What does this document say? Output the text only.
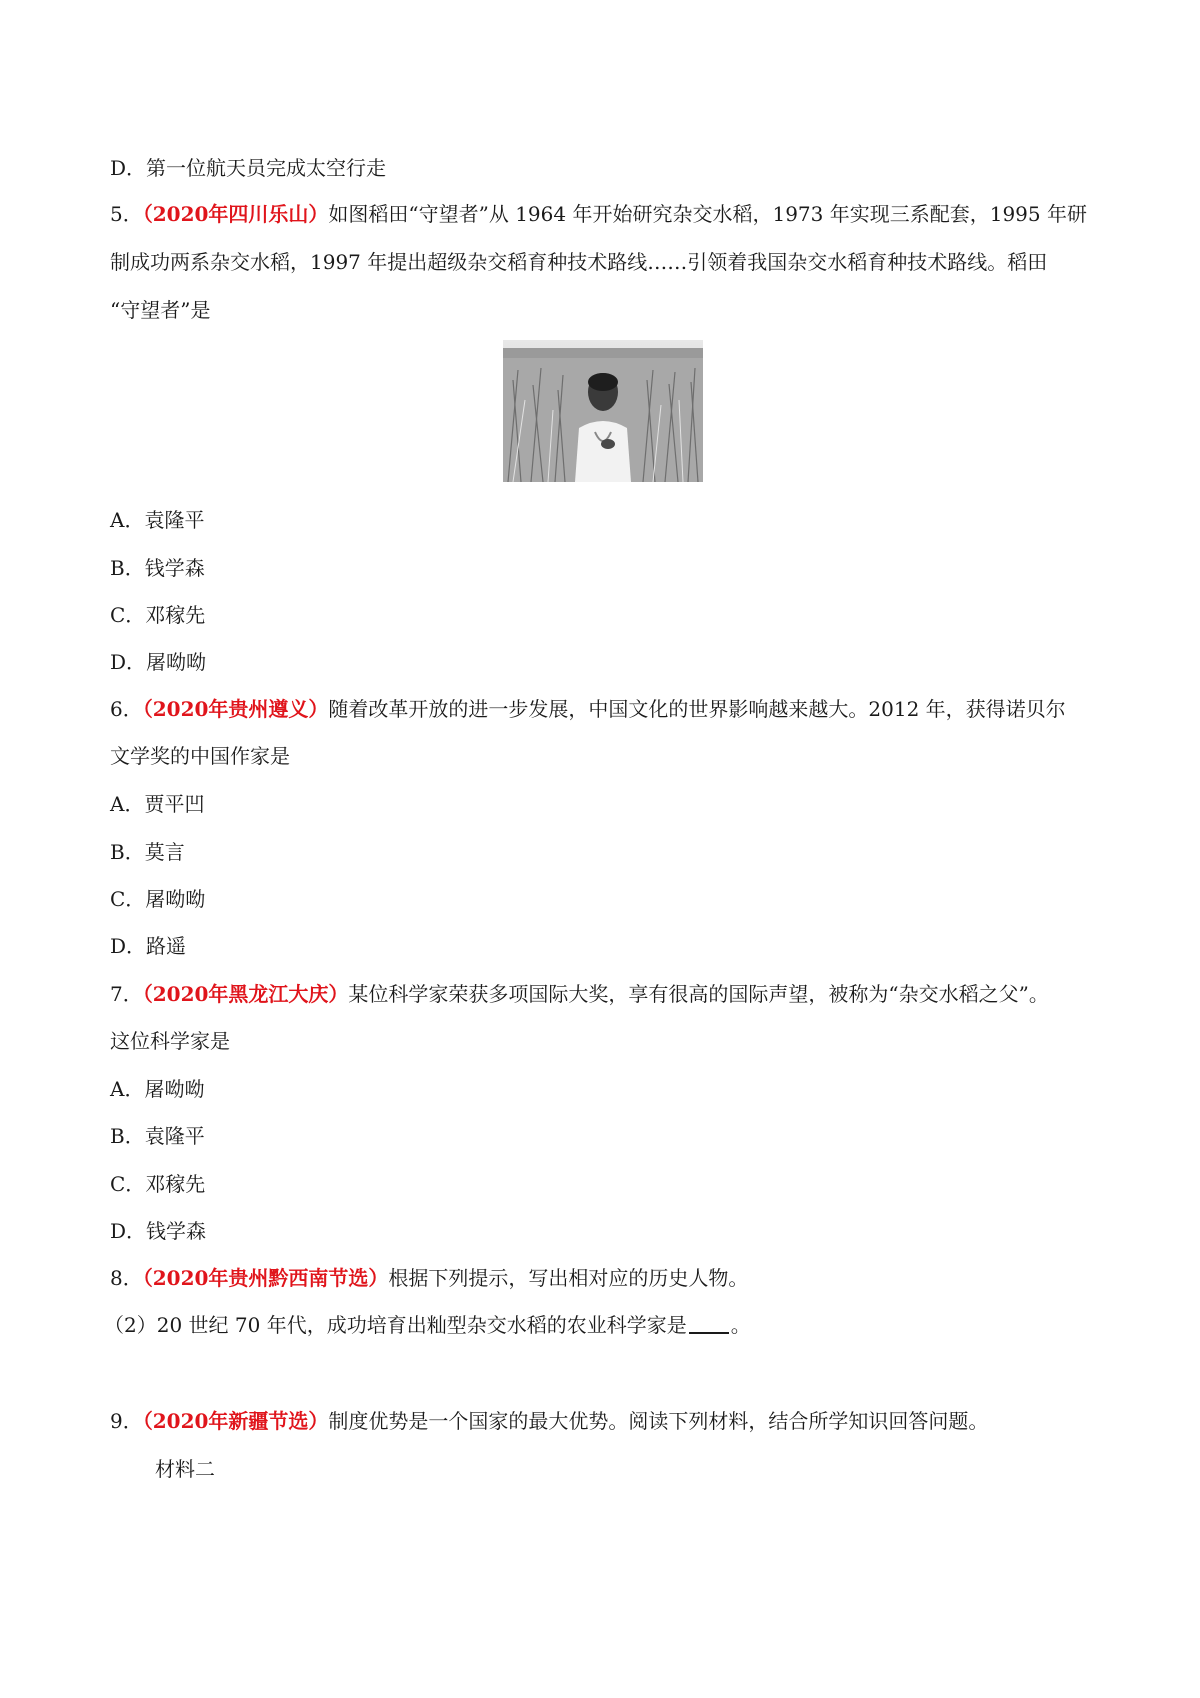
D．第一位航天员完成太空行走
5．（2020年四川乐山）如图稻田“守望者”从 1964 年开始研究杂交水稻，1973 年实现三系配套，1995 年研
制成功两系杂交水稻，1997 年提出超级杂交稻育种技术路线……引领着我国杂交水稻育种技术路线。稻田
“守望者”是
A．袁隆平
B．钱学森
C．邓稼先
D．屠呦呦
6．（2020年贵州遵义）随着改革开放的进一步发展，中国文化的世界影响越来越大。2012 年，获得诺贝尔
文学奖的中国作家是
A．贾平凹
B．莫言
C．屠呦呦
D．路遥
7．（2020年黑龙江大庆）某位科学家荣获多项国际大奖，享有很高的国际声望，被称为“杂交水稻之父”。
这位科学家是
A．屠呦呦
B．袁隆平
C．邓稼先
D．钱学森
8．（2020年贵州黔西南节选）根据下列提示，写出相对应的历史人物。
（2）20 世纪 70 年代，成功培育出籼型杂交水稻的农业科学家是 。
9．（2020年新疆节选）制度优势是一个国家的最大优势。阅读下列材料，结合所学知识回答问题。
材料二
